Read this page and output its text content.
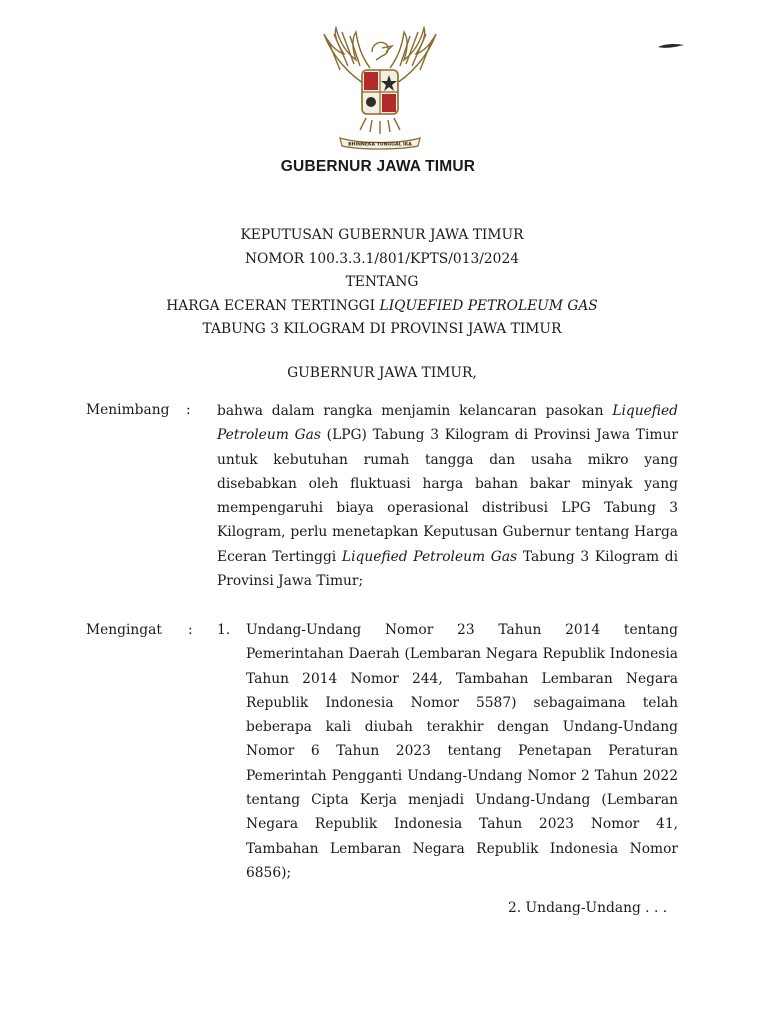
BHINNEKA TUNGGAL IKA
GUBERNUR JAWA TIMUR
KEPUTUSAN GUBERNUR JAWA TIMUR
NOMOR 100.3.3.1/801/KPTS/013/2024
TENTANG
HARGA ECERAN TERTINGGI LIQUEFIED PETROLEUM GAS
TABUNG 3 KILOGRAM DI PROVINSI JAWA TIMUR
GUBERNUR JAWA TIMUR,
Menimbang : bahwa dalam rangka menjamin kelancaran pasokan Liquefied Petroleum Gas (LPG) Tabung 3 Kilogram di Provinsi Jawa Timur untuk kebutuhan rumah tangga dan usaha mikro yang disebabkan oleh fluktuasi harga bahan bakar minyak yang mempengaruhi biaya operasional distribusi LPG Tabung 3 Kilogram, perlu menetapkan Keputusan Gubernur tentang Harga Eceran Tertinggi Liquefied Petroleum Gas Tabung 3 Kilogram di Provinsi Jawa Timur;
Mengingat : 1. Undang-Undang Nomor 23 Tahun 2014 tentang Pemerintahan Daerah (Lembaran Negara Republik Indonesia Tahun 2014 Nomor 244, Tambahan Lembaran Negara Republik Indonesia Nomor 5587) sebagaimana telah beberapa kali diubah terakhir dengan Undang-Undang Nomor 6 Tahun 2023 tentang Penetapan Peraturan Pemerintah Pengganti Undang-Undang Nomor 2 Tahun 2022 tentang Cipta Kerja menjadi Undang-Undang (Lembaran Negara Republik Indonesia Tahun 2023 Nomor 41, Tambahan Lembaran Negara Republik Indonesia Nomor 6856);
2. Undang-Undang . . .
